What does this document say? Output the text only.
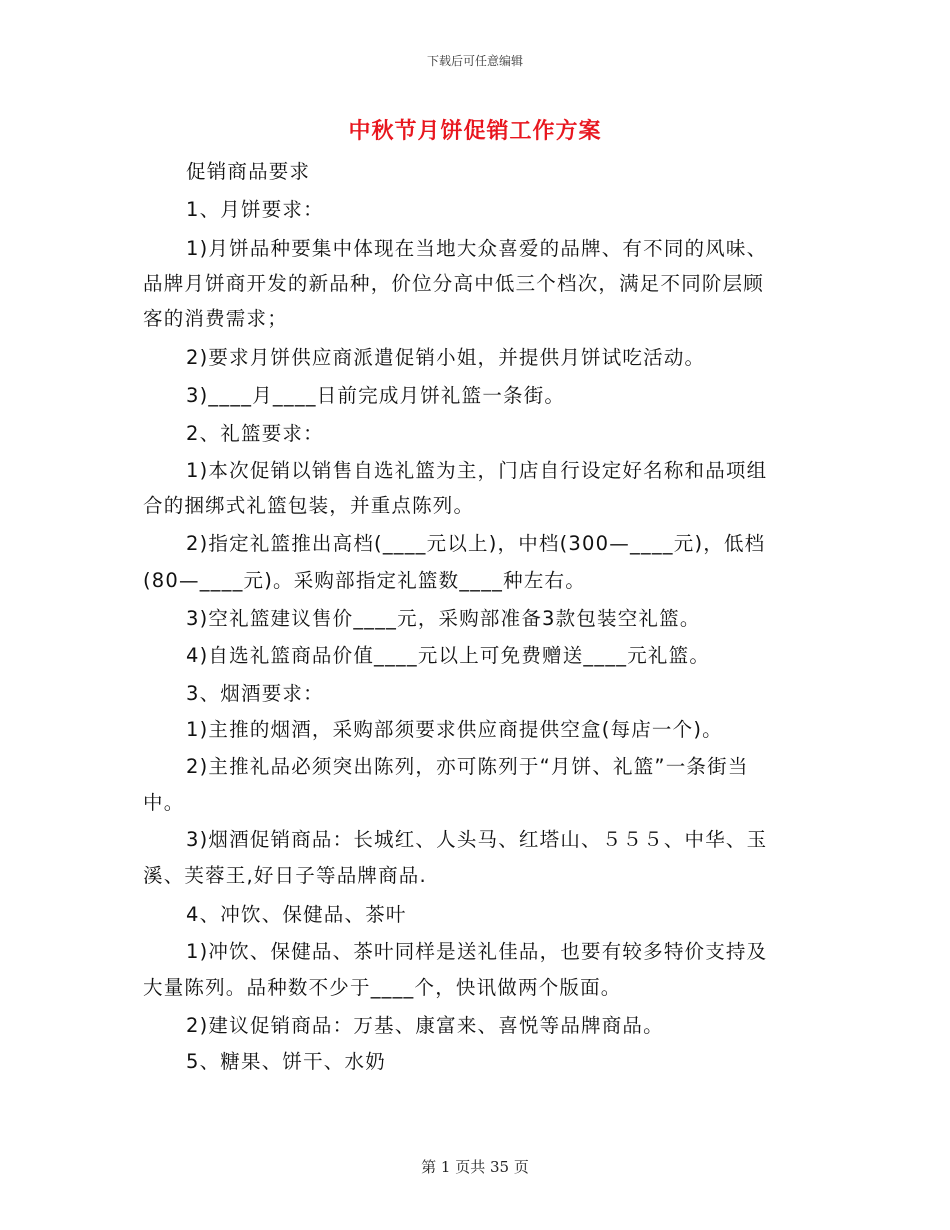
下载后可任意编辑
中秋节月饼促销工作方案
促销商品要求
1、月饼要求：
1)月饼品种要集中体现在当地大众喜爱的品牌、有不同的风味、
品牌月饼商开发的新品种，价位分高中低三个档次，满足不同阶层顾
客的消费需求；
2)要求月饼供应商派遣促销小姐，并提供月饼试吃活动。
3)____月____日前完成月饼礼篮一条街。
2、礼篮要求：
1)本次促销以销售自选礼篮为主，门店自行设定好名称和品项组
合的捆绑式礼篮包装，并重点陈列。
2)指定礼篮推出高档(____元以上)，中档(300—____元)，低档
(80—____元)。采购部指定礼篮数____种左右。
3)空礼篮建议售价____元，采购部准备3款包装空礼篮。
4)自选礼篮商品价值____元以上可免费赠送____元礼篮。
3、烟酒要求：
1)主推的烟酒，采购部须要求供应商提供空盒(每店一个)。
2)主推礼品必须突出陈列，亦可陈列于“月饼、礼篮”一条街当
中。
3)烟酒促销商品：长城红、人头马、红塔山、５５５、中华、玉
溪、芙蓉王,好日子等品牌商品.
4、冲饮、保健品、茶叶
1)冲饮、保健品、茶叶同样是送礼佳品，也要有较多特价支持及
大量陈列。品种数不少于____个，快讯做两个版面。
2)建议促销商品：万基、康富来、喜悦等品牌商品。
5、糖果、饼干、水奶
第 1 页共 35 页
